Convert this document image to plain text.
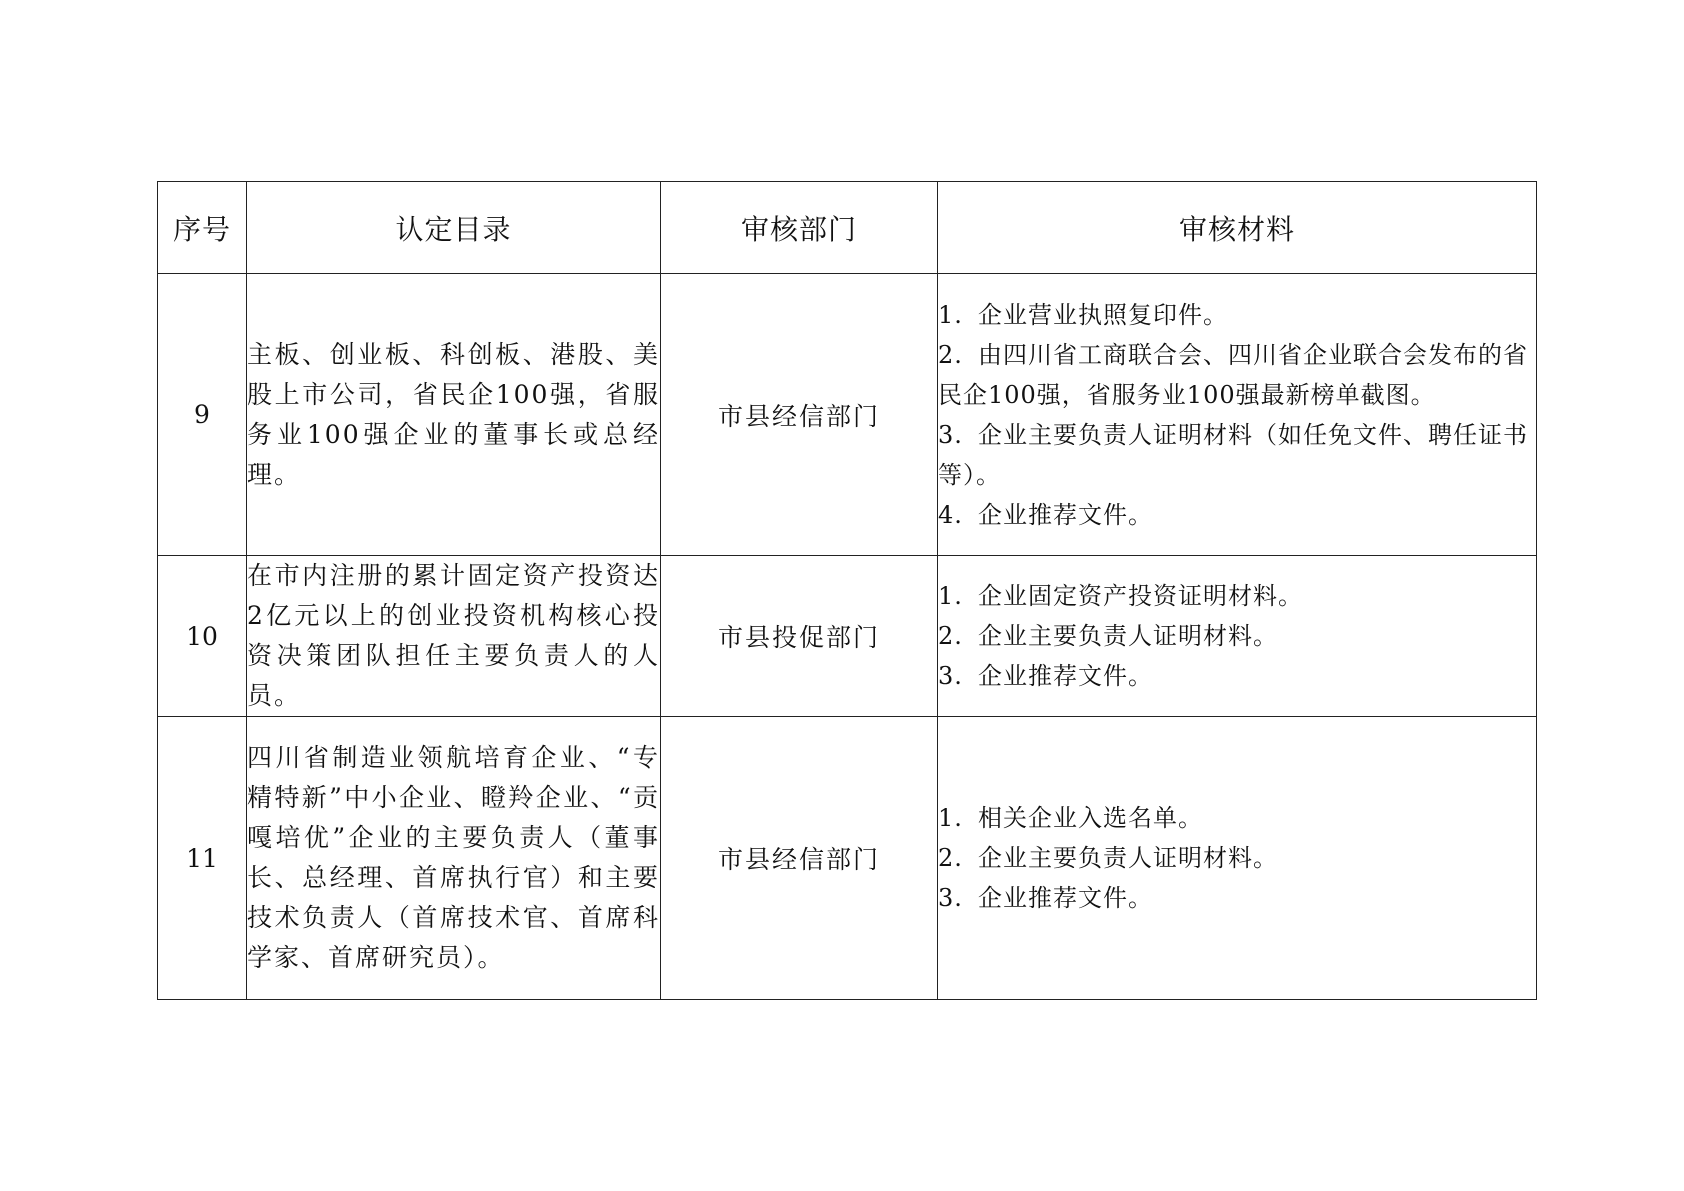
序号	认定目录	审核部门	审核材料
9	主板、创业板、科创板、港股、美股上市公司，省民企100强，省服务业100强企业的董事长或总经理。	市县经信部门	1. 企业营业执照复印件。
2. 由四川省工商联合会、四川省企业联合会发布的省民企100强，省服务业100强最新榜单截图。
3. 企业主要负责人证明材料（如任免文件、聘任证书等）。
4. 企业推荐文件。

10	在市内注册的累计固定资产投资达2亿元以上的创业投资机构核心投资决策团队担任主要负责人的人员。	市县投促部门	1. 企业固定资产投资证明材料。
2. 企业主要负责人证明材料。
3. 企业推荐文件。

11	四川省制造业领航培育企业、“专精特新”中小企业、瞪羚企业、“贡嘎培优”企业的主要负责人（董事长、总经理、首席执行官）和主要技术负责人（首席技术官、首席科学家、首席研究员）。	市县经信部门	1. 相关企业入选名单。
2. 企业主要负责人证明材料。
3. 企业推荐文件。
